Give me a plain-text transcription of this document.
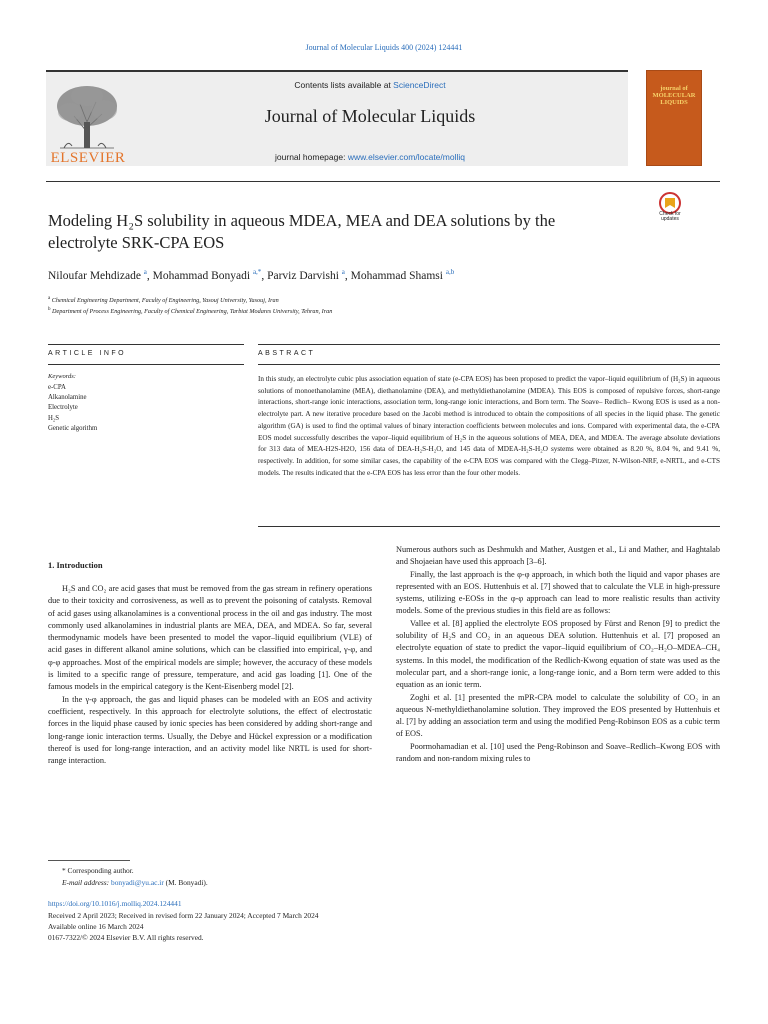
Journal of Molecular Liquids 400 (2024) 124441
ELSEVIER
Contents lists available at ScienceDirect
Journal of Molecular Liquids
journal homepage: www.elsevier.com/locate/molliq
journal of MOLECULAR LIQUIDS
Modeling H₂S solubility in aqueous MDEA, MEA and DEA solutions by the
electrolyte SRK-CPA EOS
Check for updates
Niloufar Mehdizade $^a$, Mohammad Bonyadi $^{a,*}$, Parviz Darvishi $^a$, Mohammad Shamsi $^{a,b}$
$^a$ Chemical Engineering Department, Faculty of Engineering, Yasouj University, Yasouj, Iran
$^b$ Department of Process Engineering, Faculty of Chemical Engineering, Tarbiat Modares University, Tehran, Iran
ARTICLE INFO	ABSTRACT
Keywords:
e-CPA
Alkanolamine
Electrolyte
H₂S
Genetic algorithm
In this study, an electrolyte cubic plus association equation of state (e-CPA EOS) has been proposed to predict the vapor–liquid equilibrium of (H₂S) in aqueous solutions of monoethanolamine (MEA), diethanolamine (DEA), and methyldiethanolamine (MDEA). This EOS is composed of repulsive forces, short-range interactions, short-range ionic interactions, association term, long-range ionic interactions, and Born term. The Soave– Redlich– Kwong EOS is used as a non-electrolyte part. A new iterative procedure based on the Jacobi method is introduced to obtain the compositions of all species in the liquid phase. The genetic algorithm (GA) is used to find the optimal values of binary interaction coefficients between molecules and ions. Compared with experimental data, the e-CPA EOS model successfully describes the vapor–liquid equilibrium of H₂S in the aqueous solutions of MEA, DEA, and MDEA. The average absolute deviations for 313 data of MEA-H2S-H2O, 156 data of DEA-H₂S-H₂O, and 145 data of MDEA-H₂S-H₂O systems were obtained as 8.20 %, 8.04 %, and 9.41 %, respectively. In addition, for some similar cases, the capability of the e-CPA EOS was compared with the Clegg–Pitzer, N-Wilson-NRF, e-NRTL, and e-CTS models. The results indicated that the e-CPA EOS has less error than the four other models.
1. Introduction

H₂S and CO₂ are acid gases that must be removed from the gas stream in refinery operations due to their toxicity and corrosiveness, as well as to prevent the poisoning of catalysts. Removal of acid gases using alkanolamines is a conventional process in the oil and gas industry. The most commonly used alkanolamines in industrial plants are MEA, DEA, and MDEA. So far, several thermodynamic models have been presented to model the vapor–liquid equilibrium (VLE) of acid gases in different alkanol amine solutions, which can be classified into empirical, γ-φ, and φ-φ approaches. Most of the empirical models are simple; however, the accuracy of these models is limited to a specific range of pressure, temperature, and acid gas loading [1]. One of the famous models in the empirical category is the Kent-Eisenberg model [2].

In the γ-φ approach, the gas and liquid phases can be modeled with an EOS and activity coefficient, respectively. In this approach for electrolyte solutions, the effect of electrostatic forces in the liquid phase caused by ionic species has been considered by adding short-range and long-range ionic interaction terms. Usually, the Debye and Hückel expression or a modification thereof is used for long-range interaction, and an activity model like NRTL is used for short-range interaction.

Numerous authors such as Deshmukh and Mather, Austgen et al., Li and Mather, and Haghtalab and Shojaeian have used this approach [3–6].

Finally, the last approach is the φ-φ approach, in which both the liquid and vapor phases are represented with an EOS. Huttenhuis et al. [7] showed that to calculate the VLE in high-pressure systems, utilizing e-EOSs in the φ-φ approach can lead to more realistic results than activity models. Some of the previous studies in this field are as follows:

Vallee et al. [8] applied the electrolyte EOS proposed by Fürst and Renon [9] to predict the solubility of H₂S and CO₂ in an aqueous DEA solution. Huttenhuis et al. [7] proposed an electrolyte equation of state to predict the vapor–liquid equilibrium of CO₂–H₂O–MDEA–CH₄ systems. In this model, the modification of the Redlich-Kwong equation of state was used as the molecular part, and a short-range ionic, a long-range ionic, and a Born term were added to this equation as an ionic term.

Zoghi et al. [1] presented the mPR-CPA model to calculate the solubility of CO₂ in an aqueous N-methyldiethanolamine solution. They improved the EOS presented by Huttenhuis et al. [7] by adding an association term and using the modified Peng-Robinson EOS as a cubic term of EOS.

Poormohamadian et al. [10] used the Peng-Robinson and Soave–Redlich–Kwong EOS with random and non-random mixing rules to

* Corresponding author.
E-mail address: bonyadi@yu.ac.ir (M. Bonyadi).
https://doi.org/10.1016/j.molliq.2024.124441
Received 2 April 2023; Received in revised form 22 January 2024; Accepted 7 March 2024
Available online 16 March 2024
0167-7322/© 2024 Elsevier B.V. All rights reserved.
